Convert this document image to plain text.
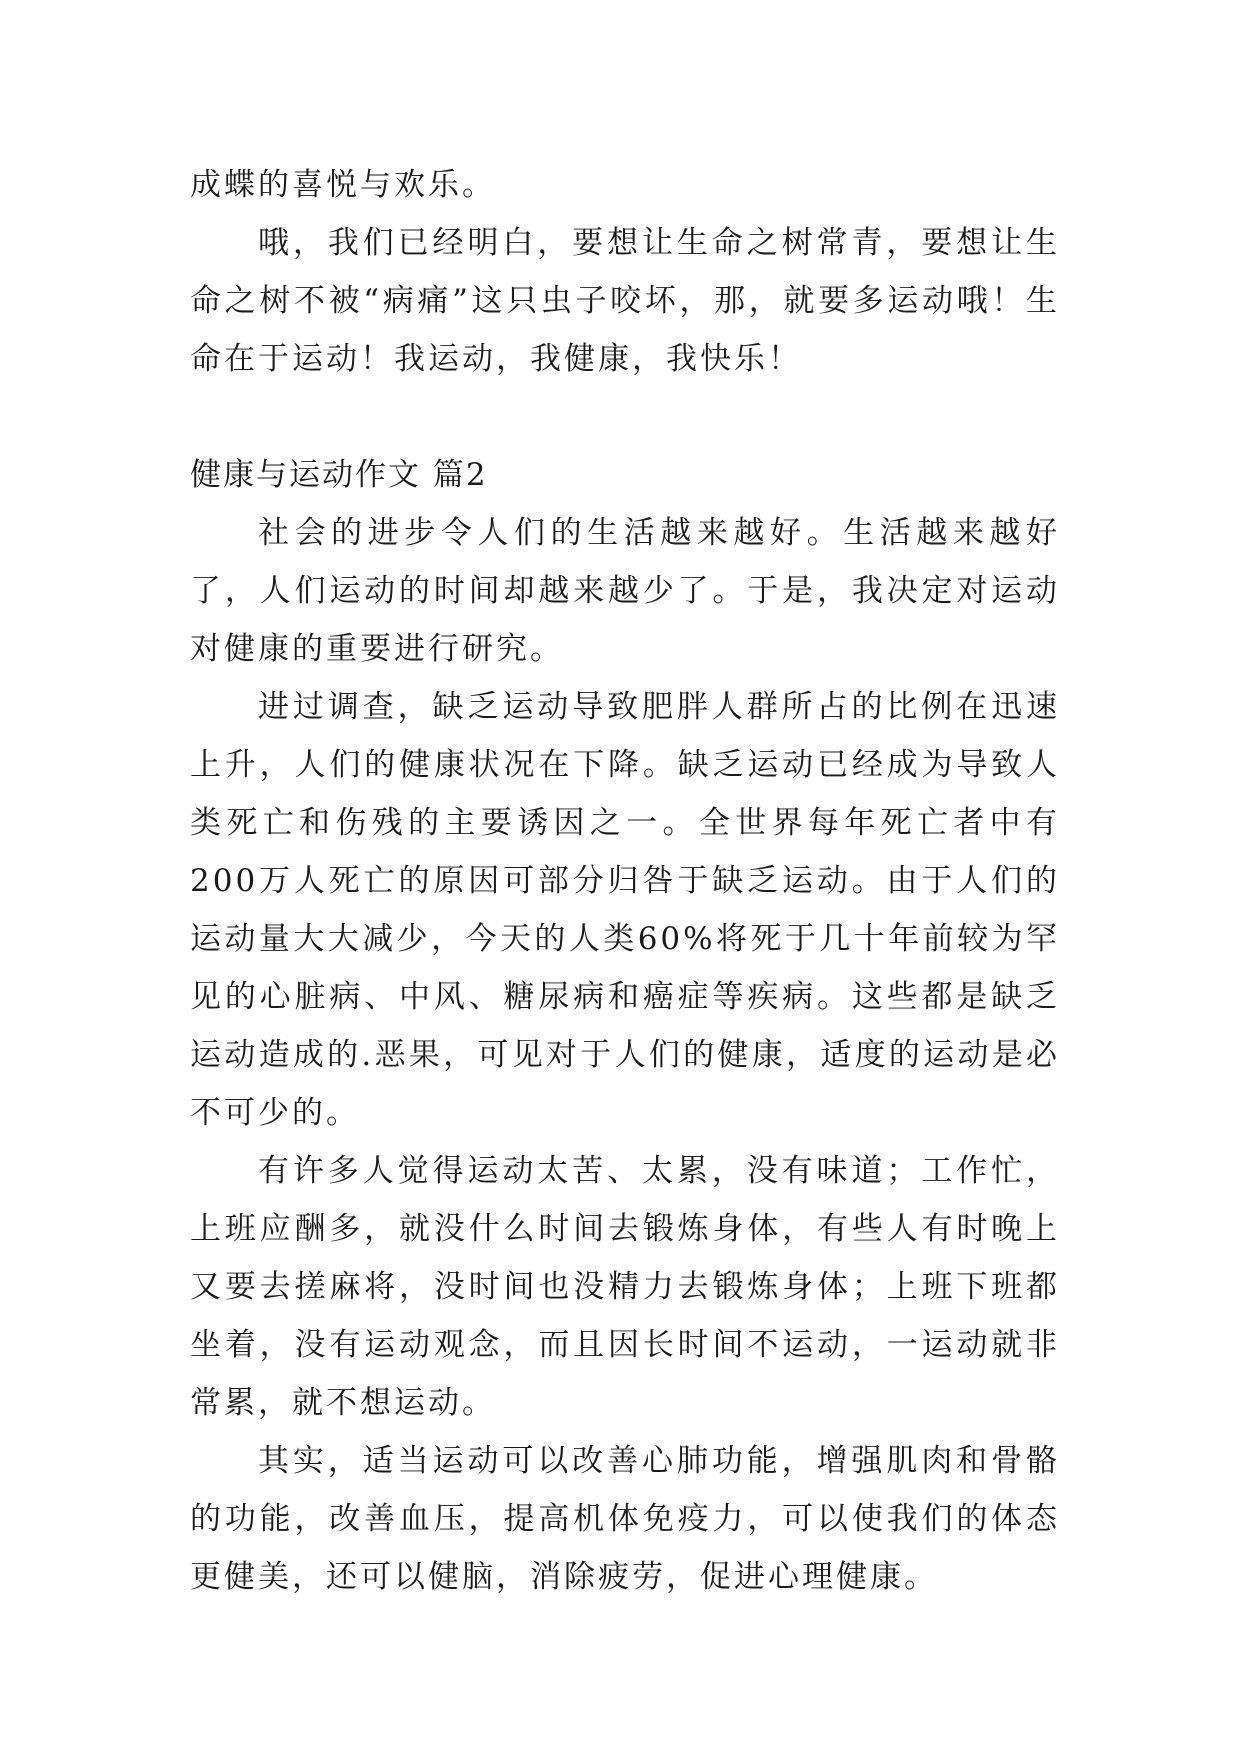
成蝶的喜悦与欢乐。

哦，我们已经明白，要想让生命之树常青，要想让生命之树不被“病痛”这只虫子咬坏，那，就要多运动哦！生命在于运动！我运动，我健康，我快乐！

健康与运动作文 篇2

社会的进步令人们的生活越来越好。生活越来越好了，人们运动的时间却越来越少了。于是，我决定对运动对健康的重要进行研究。

进过调查，缺乏运动导致肥胖人群所占的比例在迅速上升，人们的健康状况在下降。缺乏运动已经成为导致人类死亡和伤残的主要诱因之一。全世界每年死亡者中有200万人死亡的原因可部分归咎于缺乏运动。由于人们的运动量大大减少，今天的人类60%将死于几十年前较为罕见的心脏病、中风、糖尿病和癌症等疾病。这些都是缺乏运动造成的.恶果，可见对于人们的健康，适度的运动是必不可少的。

有许多人觉得运动太苦、太累，没有味道；工作忙，上班应酬多，就没什么时间去锻炼身体，有些人有时晚上又要去搓麻将，没时间也没精力去锻炼身体；上班下班都坐着，没有运动观念，而且因长时间不运动，一运动就非常累，就不想运动。

其实，适当运动可以改善心肺功能，增强肌肉和骨骼的功能，改善血压，提高机体免疫力，可以使我们的体态更健美，还可以健脑，消除疲劳，促进心理健康。
